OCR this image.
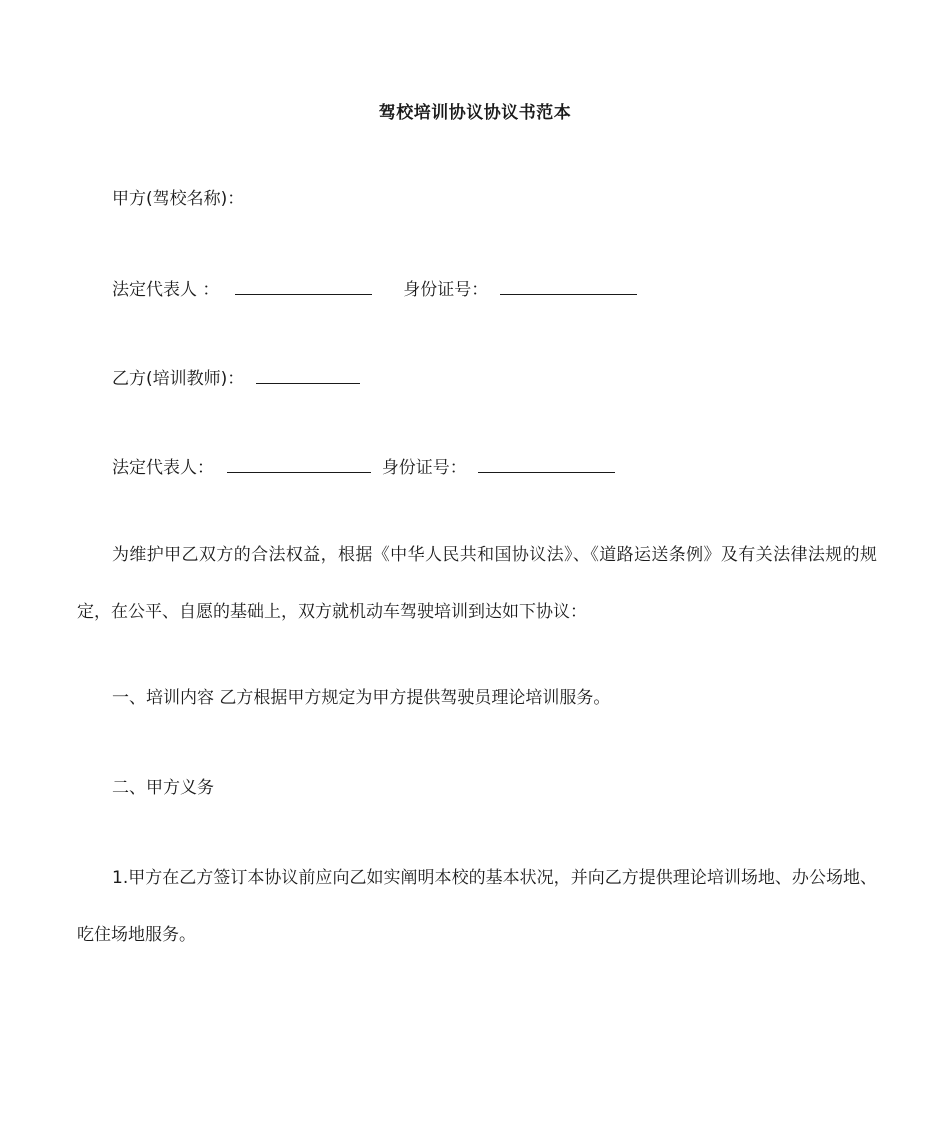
驾校培训协议协议书范本
甲方(驾校名称)：
法定代表人 ：	身份证号：
乙方(培训教师)：
法定代表人：	身份证号：
为维护甲乙双方的合法权益，根据《中华人民共和国协议法》、《道路运送条例》及有关法律法规的规定，在公平、自愿的基础上，双方就机动车驾驶培训到达如下协议：
一、培训内容 乙方根据甲方规定为甲方提供驾驶员理论培训服务。
二、甲方义务
1.甲方在乙方签订本协议前应向乙如实阐明本校的基本状况，并向乙方提供理论培训场地、办公场地、吃住场地服务。
